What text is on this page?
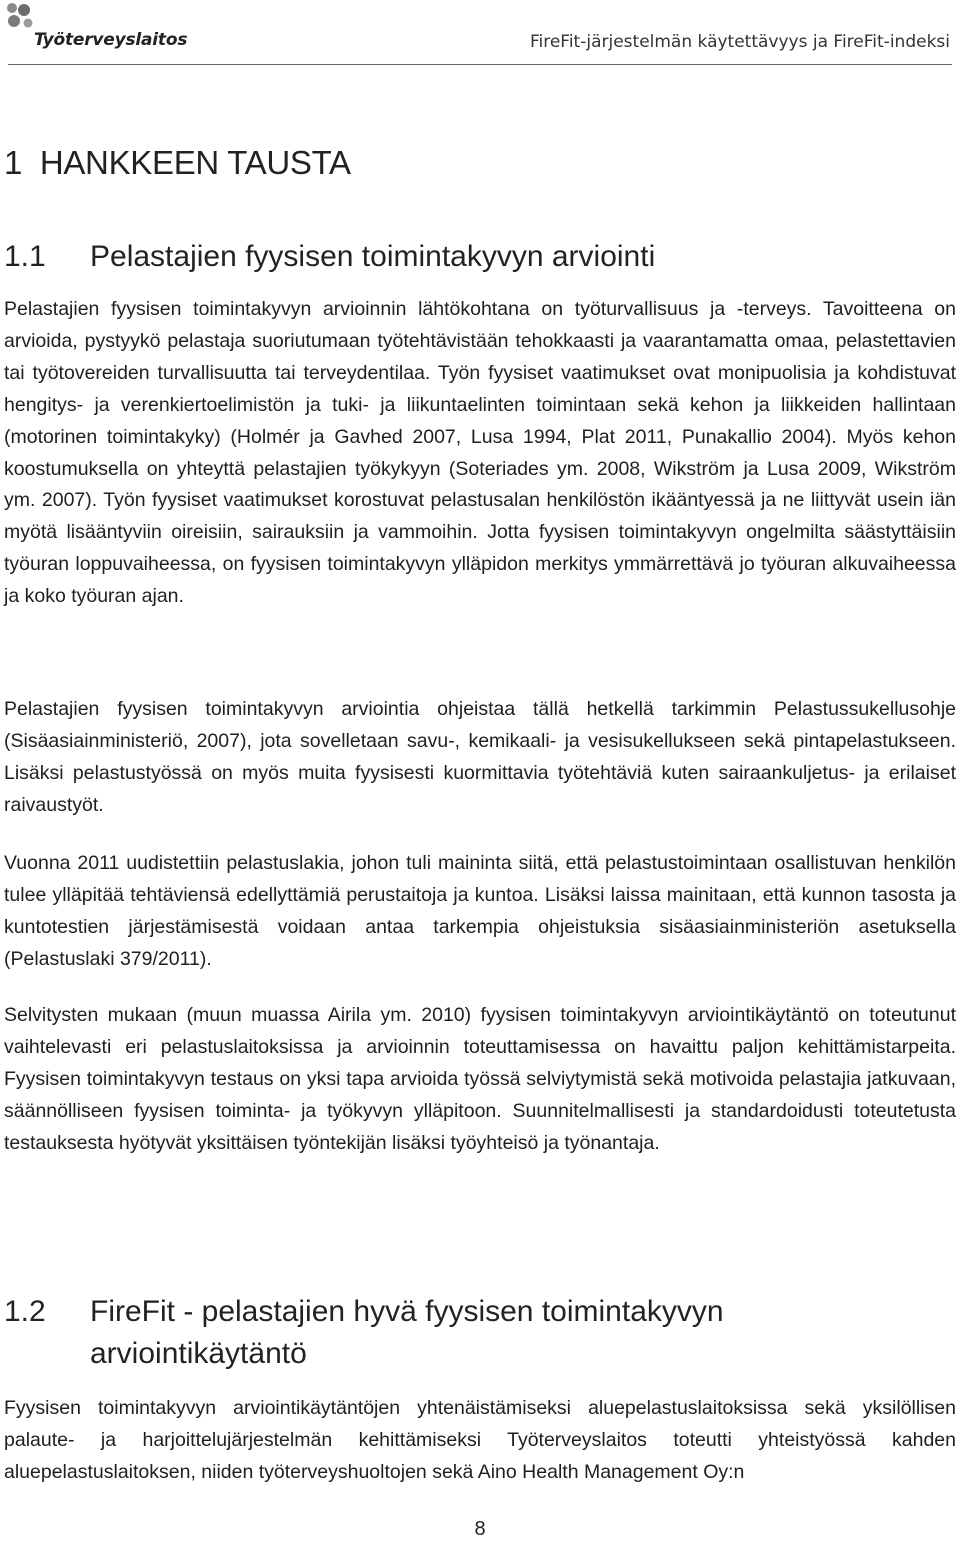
Työterveyslaitos	FireFit-järjestelmän käytettävyys ja FireFit-indeksi
1 HANKKEEN TAUSTA
1.1 Pelastajien fyysisen toimintakyvyn arviointi
Pelastajien fyysisen toimintakyvyn arvioinnin lähtökohtana on työturvallisuus ja -terveys. Tavoitteena on arvioida, pystyykö pelastaja suoriutumaan työtehtävistään tehokkaasti ja vaarantamatta omaa, pelastettavien tai työtovereiden turvallisuutta tai terveydentilaa. Työn fyysiset vaatimukset ovat monipuolisia ja kohdistuvat hengitys- ja verenkiertoelimistön ja tuki- ja liikuntaelinten toimintaan sekä kehon ja liikkeiden hallintaan (motorinen toimintakyky) (Holmér ja Gavhed 2007, Lusa 1994, Plat 2011, Punakallio 2004). Myös kehon koostumuksella on yhteyttä pelastajien työkykyyn (Soteriades ym. 2008, Wikström ja Lusa 2009, Wikström ym. 2007). Työn fyysiset vaatimukset korostuvat pelastusalan henkilöstön ikääntyessä ja ne liittyvät usein iän myötä lisääntyviin oireisiin, sairauksiin ja vammoihin. Jotta fyysisen toimintakyvyn ongelmilta säästyttäisiin työuran loppuvaiheessa, on fyysisen toimintakyvyn ylläpidon merkitys ymmärrettävä jo työuran alkuvaiheessa ja koko työuran ajan.
Pelastajien fyysisen toimintakyvyn arviointia ohjeistaa tällä hetkellä tarkimmin Pelastussukellusohje (Sisäasiainministeriö, 2007), jota sovelletaan savu-, kemikaali- ja vesisukellukseen sekä pintapelastukseen. Lisäksi pelastustyössä on myös muita fyysisesti kuormittavia työtehtäviä kuten sairaankuljetus- ja erilaiset raivaustyöt.
Vuonna 2011 uudistettiin pelastuslakia, johon tuli maininta siitä, että pelastustoimintaan osallistuvan henkilön tulee ylläpitää tehtäviensä edellyttämiä perustaitoja ja kuntoa. Lisäksi laissa mainitaan, että kunnon tasosta ja kuntotestien järjestämisestä voidaan antaa tarkempia ohjeistuksia sisäasiainministeriön asetuksella (Pelastuslaki 379/2011).
Selvitysten mukaan (muun muassa Airila ym. 2010) fyysisen toimintakyvyn arviointikäytäntö on toteutunut vaihtelevasti eri pelastuslaitoksissa ja arvioinnin toteuttamisessa on havaittu paljon kehittämistarpeita. Fyysisen toimintakyvyn testaus on yksi tapa arvioida työssä selviytymistä sekä motivoida pelastajia jatkuvaan, säännölliseen fyysisen toiminta- ja työkyvyn ylläpitoon. Suunnitelmallisesti ja standardoidusti toteutetusta testauksesta hyötyvät yksittäisen työntekijän lisäksi työyhteisö ja työnantaja.
1.2 FireFit - pelastajien hyvä fyysisen toimintakyvyn arviointikäytäntö
Fyysisen toimintakyvyn arviointikäytäntöjen yhtenäistämiseksi aluepelastuslaitoksissa sekä yksilöllisen palaute- ja harjoittelujärjestelmän kehittämiseksi Työterveyslaitos toteutti yhteistyössä kahden aluepelastuslaitoksen, niiden työterveyshuoltojen sekä Aino Health Management Oy:n
8
